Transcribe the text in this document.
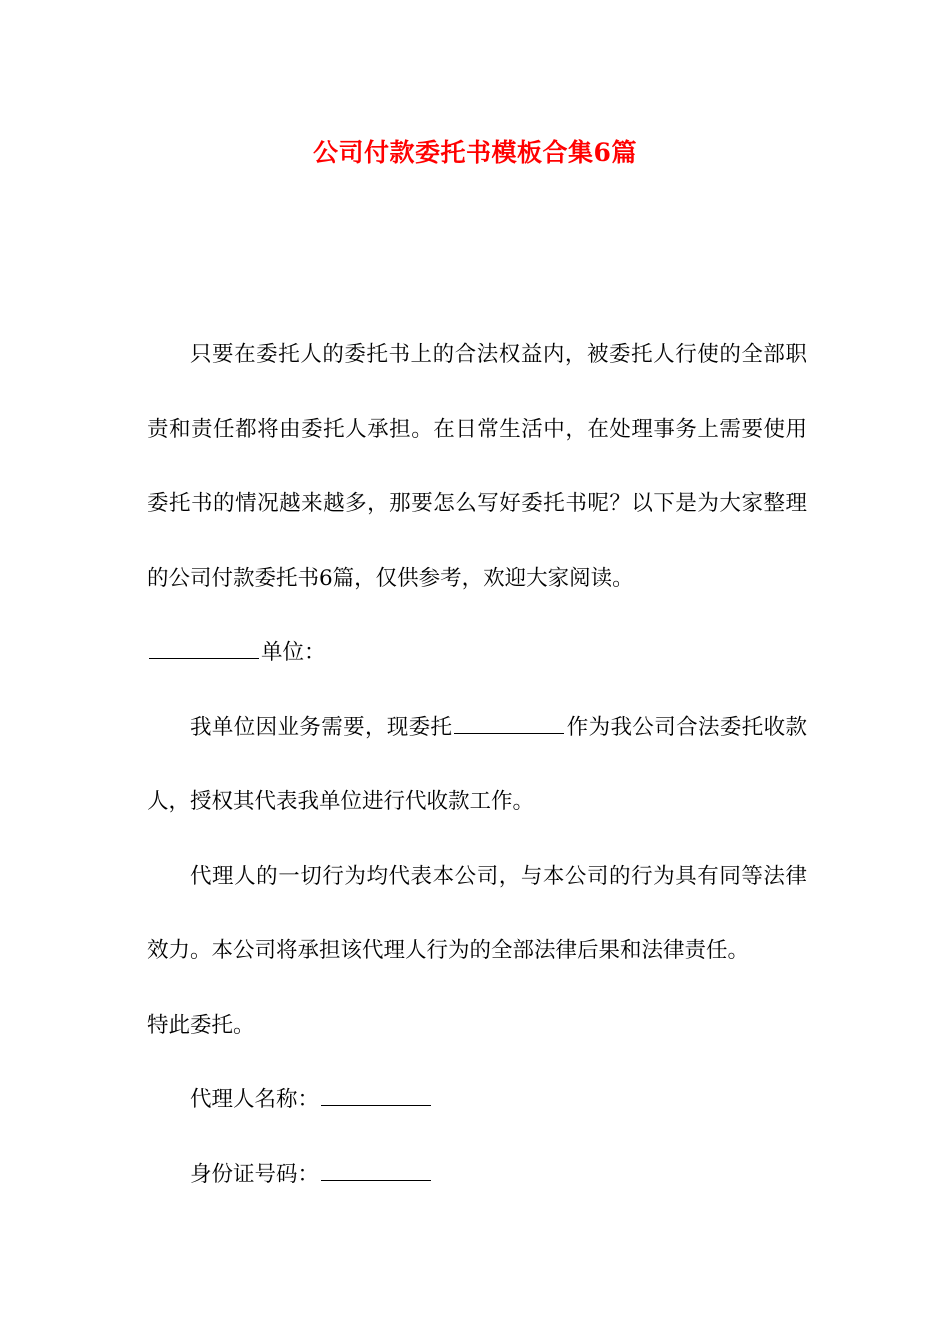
公司付款委托书模板合集6篇

只要在委托人的委托书上的合法权益内，被委托人行使的全部职责和责任都将由委托人承担。在日常生活中，在处理事务上需要使用委托书的情况越来越多，那要怎么写好委托书呢？以下是为大家整理的公司付款委托书6篇，仅供参考，欢迎大家阅读。

单位：

我单位因业务需要，现委托	作为我公司合法委托收款人，授权其代表我单位进行代收款工作。

代理人的一切行为均代表本公司，与本公司的行为具有同等法律效力。本公司将承担该代理人行为的全部法律后果和法律责任。

特此委托。

代理人名称：

身份证号码：
